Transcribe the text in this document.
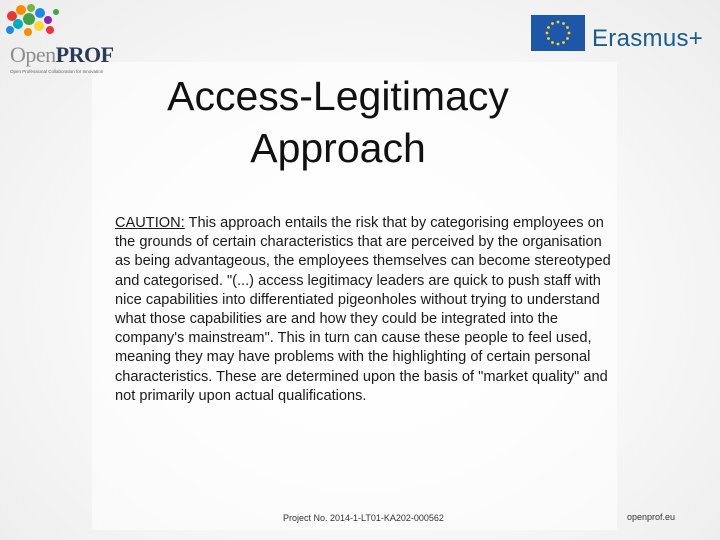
OpenPROF
Open Professional Collaboration for Innovation
Erasmus+
Access-Legitimacy
Approach
CAUTION: This approach entails the risk that by categorising employees on the grounds of certain characteristics that are perceived by the organisation as being advantageous, the employees themselves can become stereotyped and categorised. "(...) access legitimacy leaders are quick to push staff with nice capabilities into differentiated pigeonholes without trying to understand what those capabilities are and how they could be integrated into the company's mainstream". This in turn can cause these people to feel used, meaning they may have problems with the highlighting of certain personal characteristics. These are determined upon the basis of "market quality" and not primarily upon actual qualifications.
Project No. 2014-1-LT01-KA202-000562	openprof.eu
